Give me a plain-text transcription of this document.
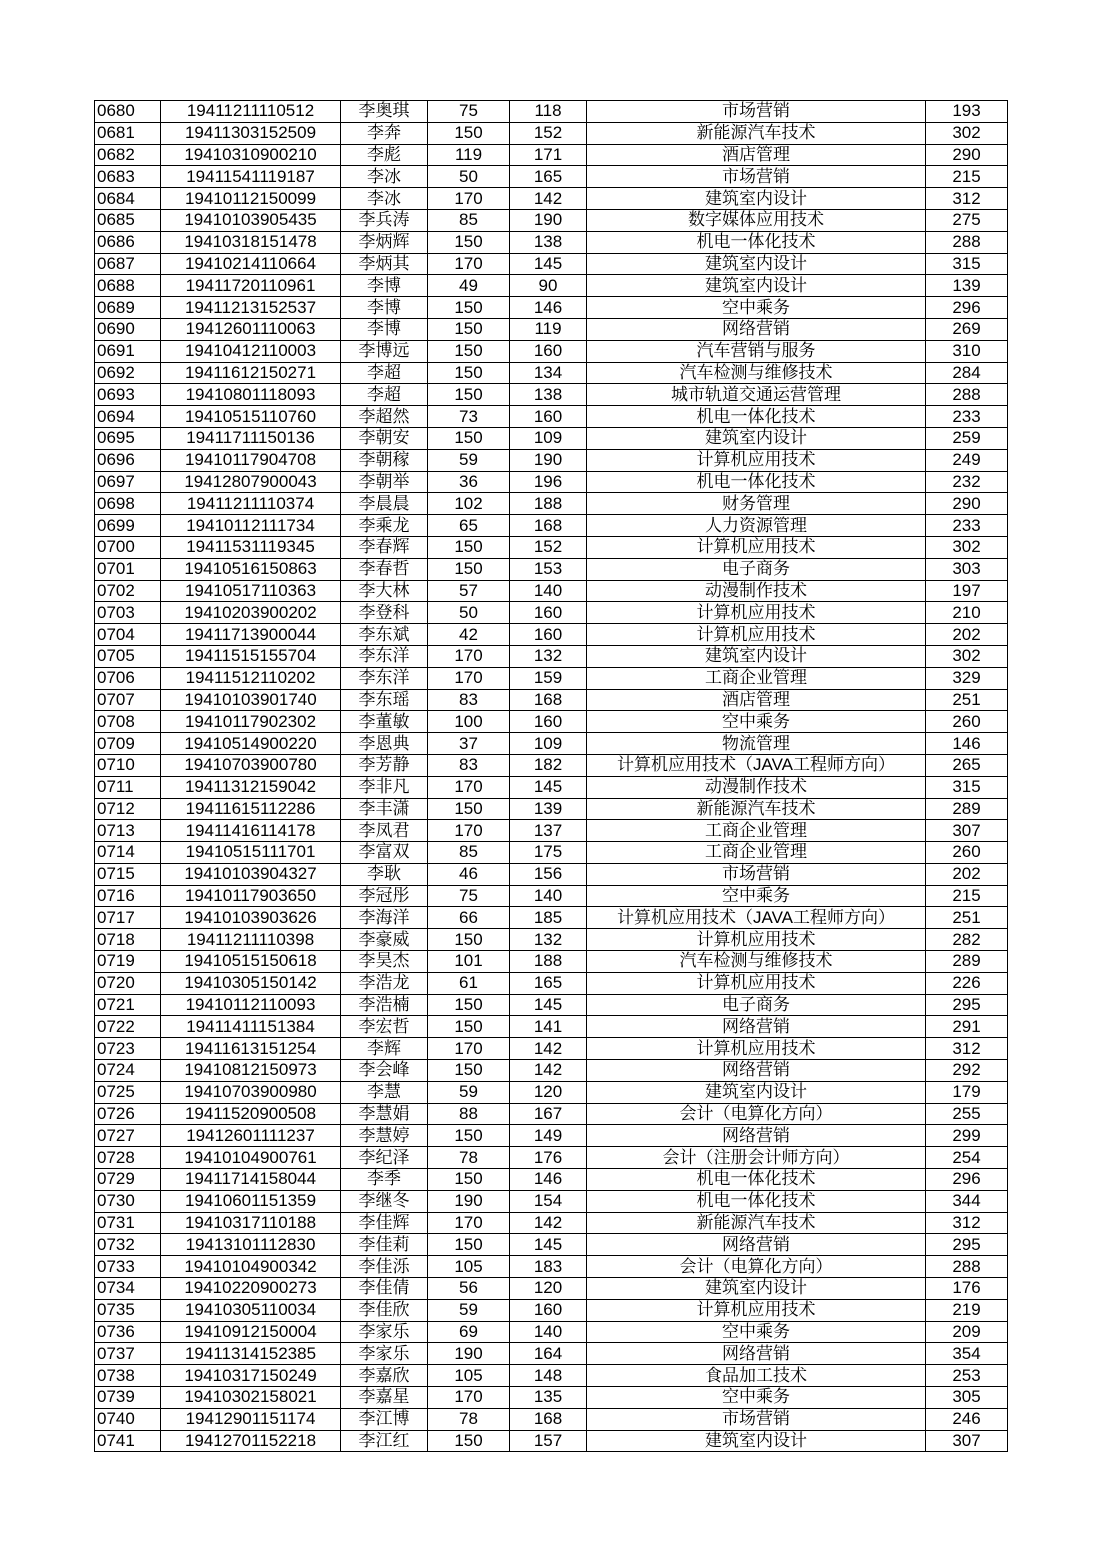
0680	19411211110512	李奥琪	75	118	市场营销	193
0681	19411303152509	李奔	150	152	新能源汽车技术	302
0682	19410310900210	李彪	119	171	酒店管理	290
0683	19411541119187	李冰	50	165	市场营销	215
0684	19410112150099	李冰	170	142	建筑室内设计	312
0685	19410103905435	李兵涛	85	190	数字媒体应用技术	275
0686	19410318151478	李炳辉	150	138	机电一体化技术	288
0687	19410214110664	李炳其	170	145	建筑室内设计	315
0688	19411720110961	李博	49	90	建筑室内设计	139
0689	19411213152537	李博	150	146	空中乘务	296
0690	19412601110063	李博	150	119	网络营销	269
0691	19410412110003	李博远	150	160	汽车营销与服务	310
0692	19411612150271	李超	150	134	汽车检测与维修技术	284
0693	19410801118093	李超	150	138	城市轨道交通运营管理	288
0694	19410515110760	李超然	73	160	机电一体化技术	233
0695	19411711150136	李朝安	150	109	建筑室内设计	259
0696	19410117904708	李朝稼	59	190	计算机应用技术	249
0697	19412807900043	李朝举	36	196	机电一体化技术	232
0698	19411211110374	李晨晨	102	188	财务管理	290
0699	19410112111734	李乘龙	65	168	人力资源管理	233
0700	19411531119345	李春辉	150	152	计算机应用技术	302
0701	19410516150863	李春哲	150	153	电子商务	303
0702	19410517110363	李大林	57	140	动漫制作技术	197
0703	19410203900202	李登科	50	160	计算机应用技术	210
0704	19411713900044	李东斌	42	160	计算机应用技术	202
0705	19411515155704	李东洋	170	132	建筑室内设计	302
0706	19411512110202	李东洋	170	159	工商企业管理	329
0707	19410103901740	李东瑶	83	168	酒店管理	251
0708	19410117902302	李董敏	100	160	空中乘务	260
0709	19410514900220	李恩典	37	109	物流管理	146
0710	19410703900780	李芳静	83	182	计算机应用技术（JAVA工程师方向）	265
0711	19411312159042	李非凡	170	145	动漫制作技术	315
0712	19411615112286	李丰潇	150	139	新能源汽车技术	289
0713	19411416114178	李凤君	170	137	工商企业管理	307
0714	19410515111701	李富双	85	175	工商企业管理	260
0715	19410103904327	李耿	46	156	市场营销	202
0716	19410117903650	李冠彤	75	140	空中乘务	215
0717	19410103903626	李海洋	66	185	计算机应用技术（JAVA工程师方向）	251
0718	19411211110398	李豪威	150	132	计算机应用技术	282
0719	19410515150618	李昊杰	101	188	汽车检测与维修技术	289
0720	19410305150142	李浩龙	61	165	计算机应用技术	226
0721	19410112110093	李浩楠	150	145	电子商务	295
0722	19411411151384	李宏哲	150	141	网络营销	291
0723	19411613151254	李辉	170	142	计算机应用技术	312
0724	19410812150973	李会峰	150	142	网络营销	292
0725	19410703900980	李慧	59	120	建筑室内设计	179
0726	19411520900508	李慧娟	88	167	会计（电算化方向）	255
0727	19412601111237	李慧婷	150	149	网络营销	299
0728	19410104900761	李纪泽	78	176	会计（注册会计师方向）	254
0729	19411714158044	李季	150	146	机电一体化技术	296
0730	19410601151359	李继冬	190	154	机电一体化技术	344
0731	19410317110188	李佳辉	170	142	新能源汽车技术	312
0732	19413101112830	李佳莉	150	145	网络营销	295
0733	19410104900342	李佳泺	105	183	会计（电算化方向）	288
0734	19410220900273	李佳倩	56	120	建筑室内设计	176
0735	19410305110034	李佳欣	59	160	计算机应用技术	219
0736	19410912150004	李家乐	69	140	空中乘务	209
0737	19411314152385	李家乐	190	164	网络营销	354
0738	19410317150249	李嘉欣	105	148	食品加工技术	253
0739	19410302158021	李嘉星	170	135	空中乘务	305
0740	19412901151174	李江博	78	168	市场营销	246
0741	19412701152218	李江红	150	157	建筑室内设计	307
